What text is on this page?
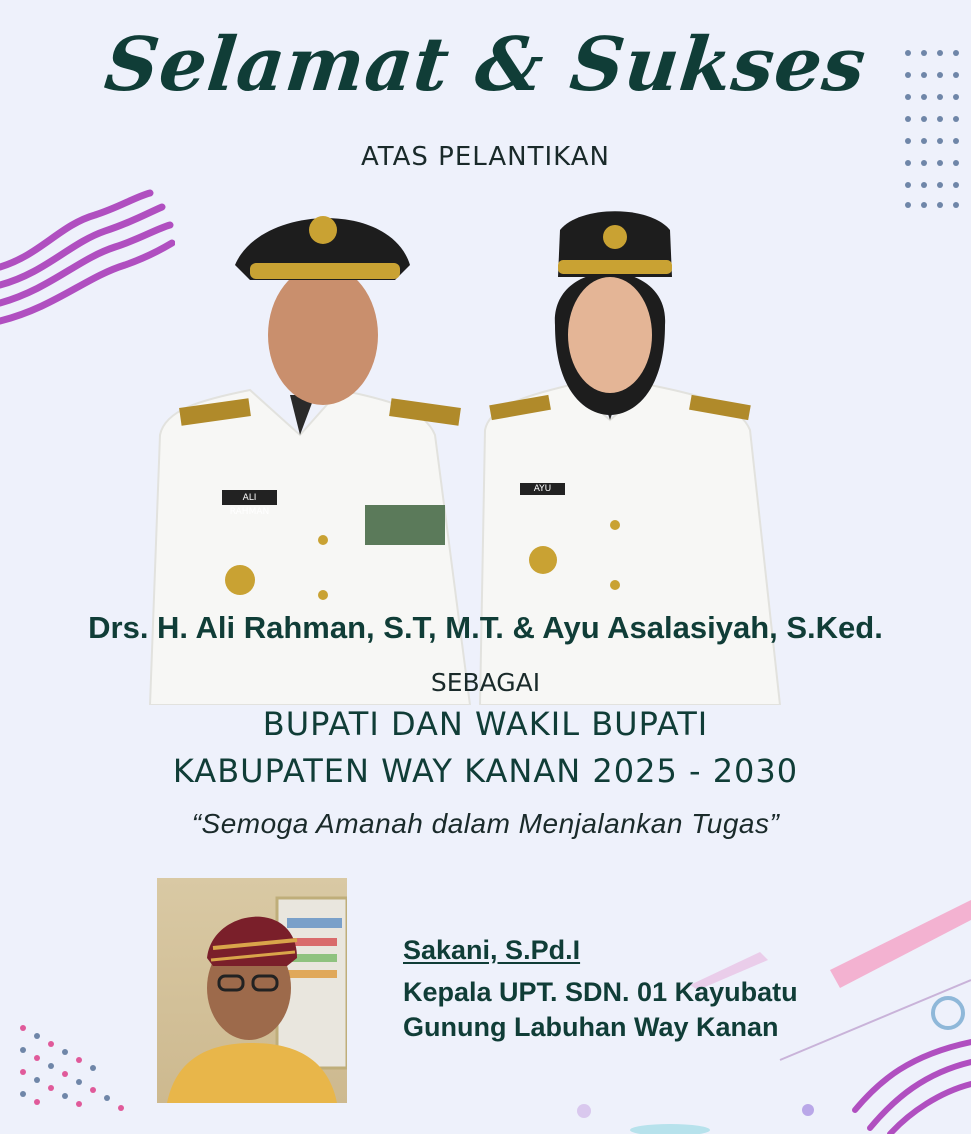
Selamat & Sukses
ATAS PELANTIKAN
ALI RAHMAN
AYU
Drs. H. Ali Rahman, S.T, M.T. & Ayu Asalasiyah, S.Ked.
SEBAGAI
BUPATI DAN WAKIL BUPATI
KABUPATEN WAY KANAN 2025 - 2030
“Semoga Amanah dalam Menjalankan Tugas”
Sakani, S.Pd.I
Kepala UPT. SDN. 01 Kayubatu
Gunung Labuhan Way Kanan
